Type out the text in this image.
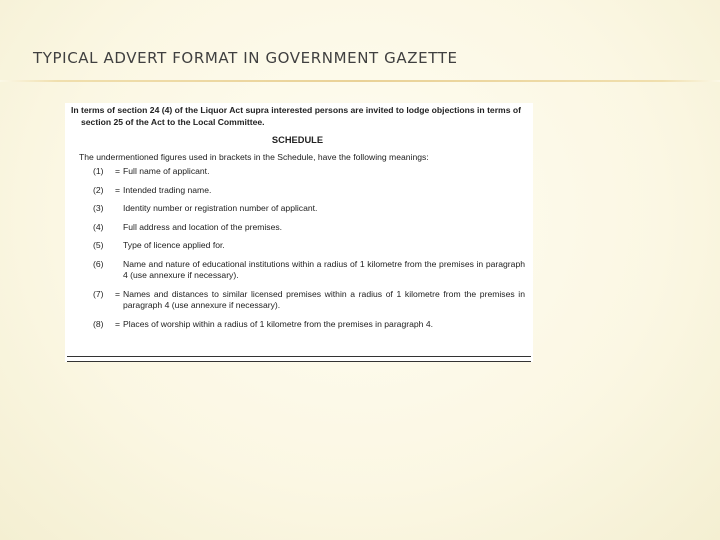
TYPICAL ADVERT FORMAT IN GOVERNMENT GAZETTE

In terms of section 24 (4) of the Liquor Act supra interested persons are invited to lodge objections in terms of section 25 of the Act to the Local Committee.

SCHEDULE
The undermentioned figures used in brackets in the Schedule, have the following meanings:
(1)	= Full name of applicant.
(2)	= Intended trading name.
(3)	Identity number or registration number of applicant.
(4)	Full address and location of the premises.
(5)	Type of licence applied for.
(6)	Name and nature of educational institutions within a radius of 1 kilometre from the premises in paragraph 4 (use annexure if necessary).
(7)	= Names and distances to similar licensed premises within a radius of 1 kilometre from the premises in paragraph 4 (use annexure if necessary).
(8)	= Places of worship within a radius of 1 kilometre from the premises in paragraph 4.
